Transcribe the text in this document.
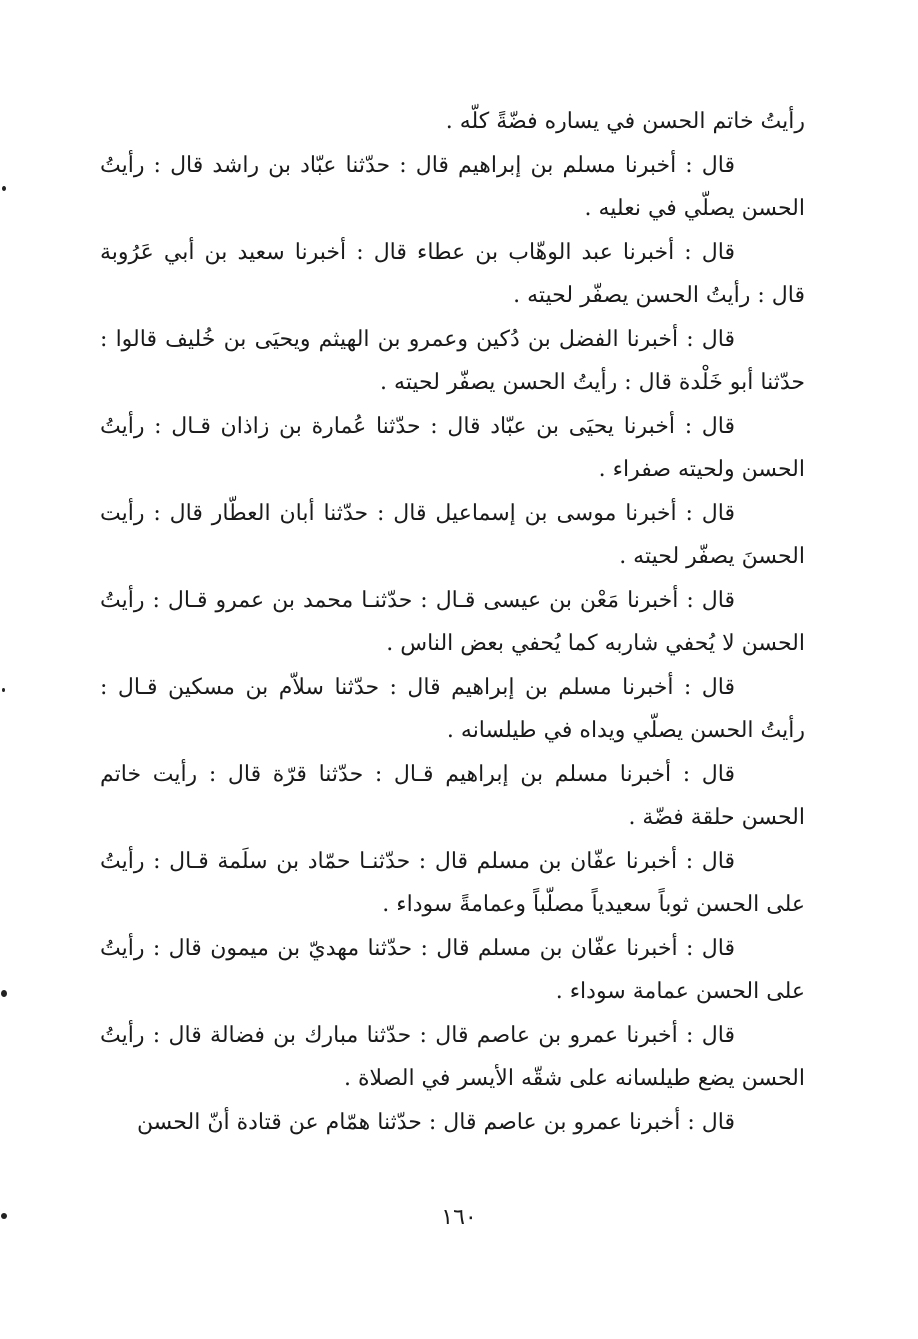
رأيتُ خاتم الحسن في يساره فضّةً كلّه .

قال : أخبرنا مسلم بن إبراهيم قال : حدّثنا عبّاد بن راشد قال : رأيتُ الحسن يصلّي في نعليه .

قال : أخبرنا عبد الوهّاب بن عطاء قال : أخبرنا سعيد بن أبي عَرُوبة قال : رأيتُ الحسن يصفّر لحيته .

قال : أخبرنا الفضل بن دُكين وعمرو بن الهيثم ويحيَى بن خُليف قالوا : حدّثنا أبو خَلْدة قال : رأيتُ الحسن يصفّر لحيته .

قال : أخبرنا يحيَى بن عبّاد قال : حدّثنا عُمارة بن زاذان قـال : رأيتُ الحسن ولحيته صفراء .

قال : أخبرنا موسى بن إسماعيل قال : حدّثنا أبان العطّار قال : رأيت الحسنَ يصفّر لحيته .

قال : أخبرنا مَعْن بن عيسى قـال : حدّثنـا محمد بن عمرو قـال : رأيتُ الحسن لا يُحفي شاربه كما يُحفي بعض الناس .

قال : أخبرنا مسلم بن إبراهيم قال : حدّثنا سلاّم بن مسكين قـال : رأيتُ الحسن يصلّي ويداه في طيلسانه .

قال : أخبرنا مسلم بن إبراهيم قـال : حدّثنا قرّة قال : رأيت خاتم الحسن حلقة فضّة .

قال : أخبرنا عفّان بن مسلم قال : حدّثنـا حمّاد بن سلَمة قـال : رأيتُ على الحسن ثوباً سعيدياً مصلّباً وعمامةً سوداء .

قال : أخبرنا عفّان بن مسلم قال : حدّثنا مهديّ بن ميمون قال : رأيتُ على الحسن عمامة سوداء .

قال : أخبرنا عمرو بن عاصم قال : حدّثنا مبارك بن فضالة قال : رأيتُ الحسن يضع طيلسانه على شقّه الأيسر في الصلاة .

قال : أخبرنا عمرو بن عاصم قال : حدّثنا همّام عن قتادة أنّ الحسن

١٦٠
